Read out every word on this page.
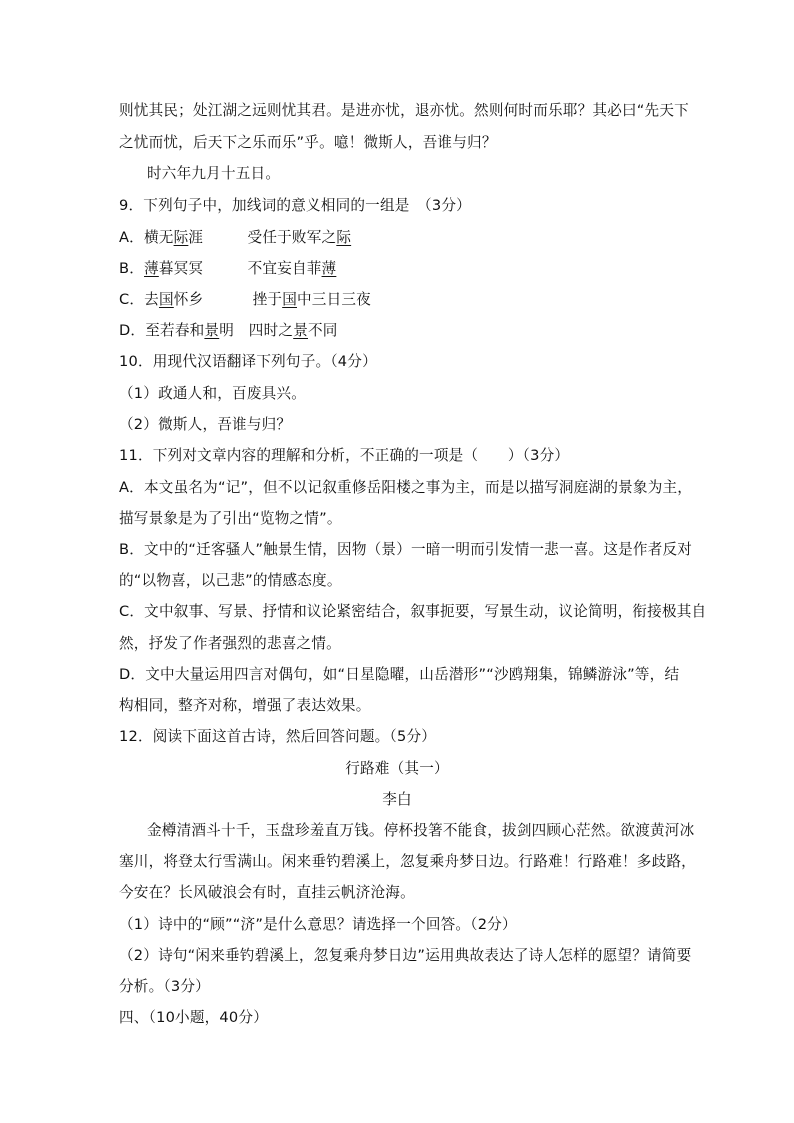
则忧其民；处江湖之远则忧其君。是进亦忧，退亦忧。然则何时而乐耶？其必曰“先天下
之忧而忧，后天下之乐而乐”乎。噫！微斯人，吾谁与归？
时六年九月十五日。
9．下列句子中，加线词的意义相同的一组是　（3分）
A．横无际涯　　　受任于败军之际
B．薄暮冥冥　　　不宜妄自菲薄
C．去国怀乡　　　 挫于国中三日三夜
D．至若春和景明　四时之景不同
10．用现代汉语翻译下列句子。（4分）
（1）政通人和，百废具兴。
（2）微斯人，吾谁与归？
11．下列对文章内容的理解和分析，不正确的一项是（　　）（3分）
A．本文虽名为“记”，但不以记叙重修岳阳楼之事为主，而是以描写洞庭湖的景象为主，
描写景象是为了引出“览物之情”。
B．文中的“迁客骚人”触景生情，因物（景）一暗一明而引发情一悲一喜。这是作者反对
的“以物喜，以己悲”的情感态度。
C．文中叙事、写景、抒情和议论紧密结合，叙事扼要，写景生动，议论简明，衔接极其自
然，抒发了作者强烈的悲喜之情。
D．文中大量运用四言对偶句，如“日星隐曜，山岳潜形”“沙鸥翔集，锦鳞游泳”等，结
构相同，整齐对称，增强了表达效果。
12．阅读下面这首古诗，然后回答问题。（5分）
行路难（其一）
李白
金樽清酒斗十千，玉盘珍羞直万钱。停杯投箸不能食，拔剑四顾心茫然。欲渡黄河冰
塞川，将登太行雪满山。闲来垂钓碧溪上，忽复乘舟梦日边。行路难！行路难！多歧路，
今安在？长风破浪会有时，直挂云帆济沧海。
（1）诗中的“顾”“济”是什么意思？请选择一个回答。（2分）
（2）诗句“闲来垂钓碧溪上，忽复乘舟梦日边”运用典故表达了诗人怎样的愿望？请简要
分析。（3分）
四、（10小题，40分）
